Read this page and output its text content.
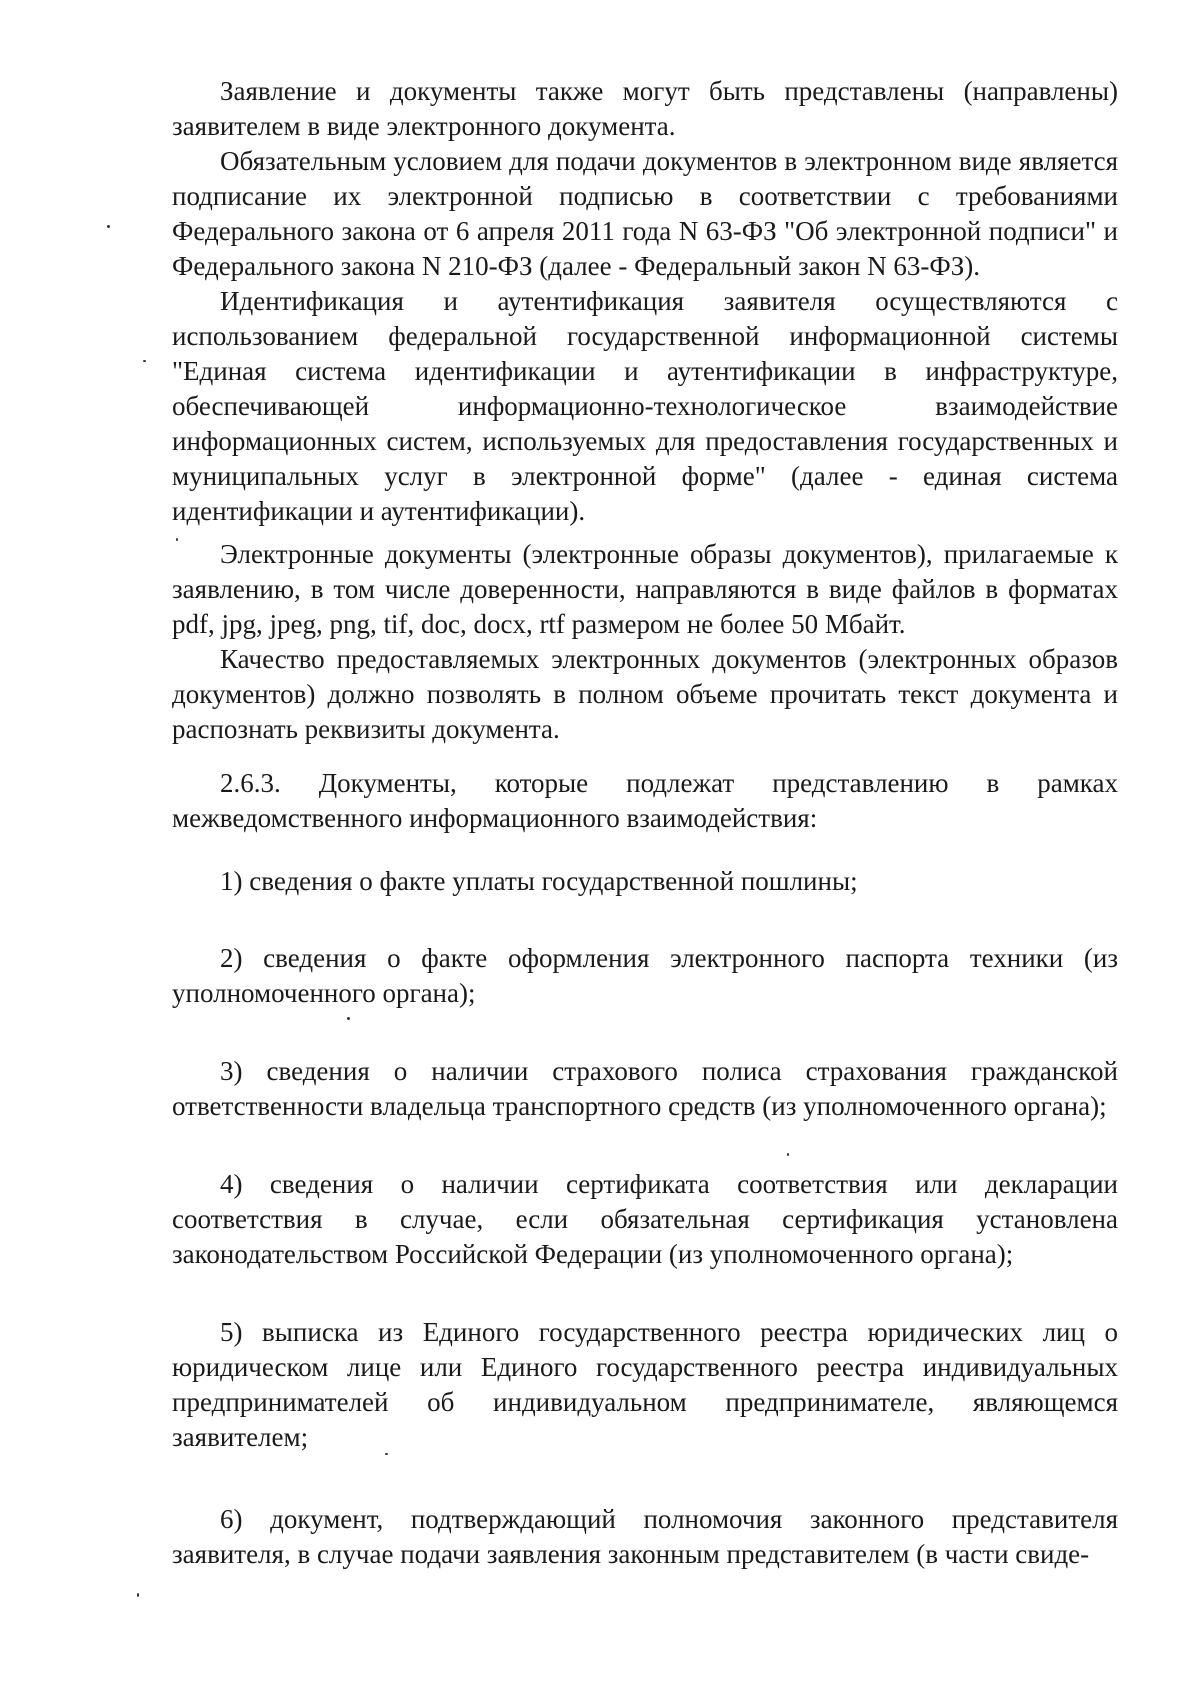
Заявление и документы также могут быть представлены (направлены) заявителем в виде электронного документа.

Обязательным условием для подачи документов в электронном виде является подписание их электронной подписью в соответствии с требованиями Федерального закона от 6 апреля 2011 года N 63-ФЗ "Об электронной подписи" и Федерального закона N 210-ФЗ (далее - Федеральный закон N 63-ФЗ).

Идентификация и аутентификация заявителя осуществляются с использованием федеральной государственной информационной системы "Единая система идентификации и аутентификации в инфраструктуре, обеспечивающей информационно-технологическое взаимодействие информационных систем, используемых для предоставления государственных и муниципальных услуг в электронной форме" (далее - единая система идентификации и аутентификации).

Электронные документы (электронные образы документов), прилагаемые к заявлению, в том числе доверенности, направляются в виде файлов в форматах pdf, jpg, jpeg, png, tif, doc, docx, rtf размером не более 50 Мбайт.

Качество предоставляемых электронных документов (электронных образов документов) должно позволять в полном объеме прочитать текст документа и распознать реквизиты документа.

2.6.3. Документы, которые подлежат представлению в рамках межведомственного информационного взаимодействия:

1) сведения о факте уплаты государственной пошлины;

2) сведения о факте оформления электронного паспорта техники (из уполномоченного органа);

3) сведения о наличии страхового полиса страхования гражданской ответственности владельца транспортного средств (из уполномоченного органа);

4) сведения о наличии сертификата соответствия или декларации соответствия в случае, если обязательная сертификация установлена законодательством Российской Федерации (из уполномоченного органа);

5) выписка из Единого государственного реестра юридических лиц о юридическом лице или Единого государственного реестра индивидуальных предпринимателей об индивидуальном предпринимателе, являющемся заявителем;

6) документ, подтверждающий полномочия законного представителя заявителя, в случае подачи заявления законным представителем (в части свиде-
